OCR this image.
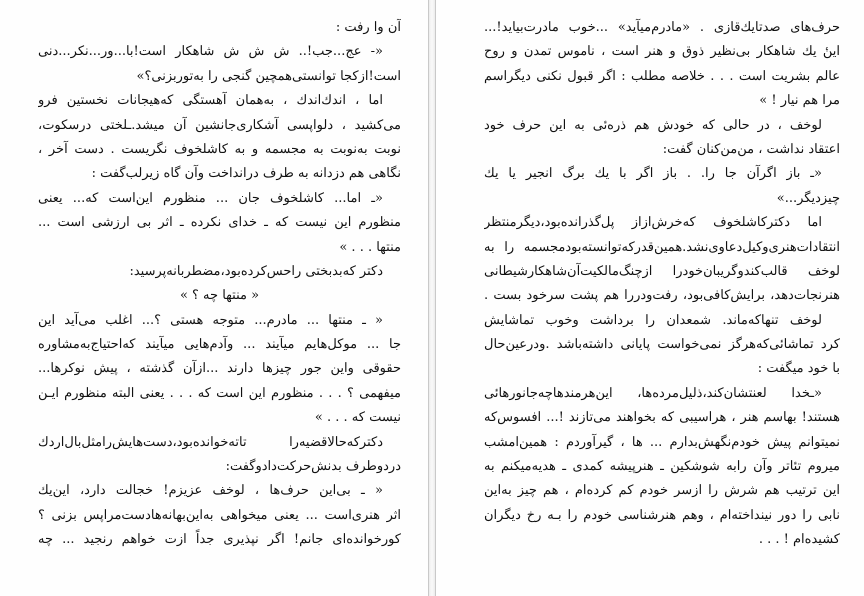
آن وا رفت :
«- عج...جب!.. ش ش ش شاهکار است!با...ور...نکر...دنی
است!ازکجا توانستی‌همچین گنجی را به‌توربزنی؟»
اما ، اندك‌اندك ، به‌همان آهستگی که‌هیجانات نخستین فرو
می‌کشید ، دلواپسی آشکاری‌جانشین آن میشد.ـلختی درسکوت،
نوبت به‌نوبت به مجسمه و به کاشلخوف نگریست . دست آخر ،
نگاهی هم دزدانه به طرف درانداخت وآن گاه زیرلب‌گفت :
«ـ اما... کاشلخوف جان ... منظورم این‌است که... یعنی
منظورم این نیست که ـ خدای نکرده ـ اثر بی ارزشی است ...
منتها . . . »
دکتر که‌بدبختی راحس‌کرده‌بود،مضطربانه‌پرسید:
« منتها چه ؟ »
« ـ منتها ... مادرم... متوجه هستی ؟... اغلب می‌آید این
جا ... موکل‌هایم میآیند ... وآدم‌هایی میآیند که‌احتیاج‌به‌مشاوره
حقوقی واین جور چیزها دارند ...ازآن گذشته ، پیش نوکرها...
میفهمی ؟ . . . منظورم این است که . . . یعنی البته منظورم ایـن
نیست که . . . »
دکترکه‌حالاقضیه‌را تاته‌خوانده‌بود،دست‌هایش‌رامثل‌بال‌اردك
دردوطرف بدنش‌حرکت‌دادوگفت:
« ـ بی‌این حرف‌ها ، لوخف عزیزم! خجالت دارد، این‌یك
اثر هنری‌است ... یعنی میخواهی به‌این‌بهانه‌هادست‌مراپس بزنی ؟
کورخوانده‌ای جانم! اگر نپذیری جداً ازت خواهم رنجید ... چه
حرف‌های صدتایك‌قازی . «مادرم‌میآید» ...خوب مادرت‌بیاید!...
اینٔ یك شاهکار بی‌نظیر ذوق و هنر است ، ناموس تمدن و روح
عالم بشریت است . . . خلاصه مطلب : اگر قبول نکنی دیگراسم
مرا هم نیار ! »
لوخف ، در حالی که خودش هم ذره‌ئی به این حرف خود
اعتقاد نداشت ، من‌من‌کنان گفت:
«ـ باز اگرآن جا را. . باز اگر با یك برگ انجیر یا یك
چیزدیگر...»
اما دکترکاشلخوف که‌خرش‌ازاز پل‌گذرانده‌بود،دیگرمنتظر
انتقادات‌هنری‌وکیل‌دعاوی‌نشد.همین‌قدرکه‌توانسته‌بود‌مجسمه را به
لوخف قالب‌کندوگریبان‌خودرا ازچنگ‌مالکیت‌آن‌شاهکارشیطانی
هنرنجات‌دهد، برایش‌کافی‌بود، رفت‌ودررا هم پشت سرخود بست .
لوخف تنهاکه‌ماند. شمعدان را برداشت وخوب تماشایش
کرد تماشائی‌که‌هرگز نمی‌خواست پایانی داشته‌باشد .ودرعین‌حال
با خود میگفت :
«ـخدا لعنتشان‌کند،ذلیل‌مرده‌ها، این‌هرمندهاچه‌جانورهائی
هستند! بهاسم هنر ، هراسیبی که بخواهند می‌تازند !... افسوس‌که
نمیتوانم پیش خودم‌نگهش‌بدارم ... ها ، گیرآوردم : همین‌امشب
میروم تئاتر وآن رابه شوشکین ـ هنرپیشه کمدی ـ هدیه‌میکنم به
این ترتیب هم شرش را ازسر خودم کم کرده‌ام ، هم چیز به‌این
نابی را دور نینداخته‌ام ، وهم هنرشناسی خودم را بـه رخ دیگران
کشیده‌ام ! . . .
